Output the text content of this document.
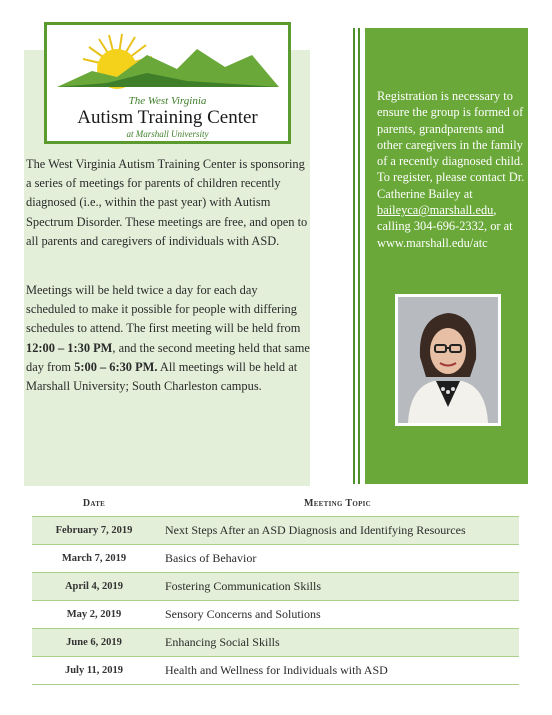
The West Virginia
Autism Training Center
at Marshall University
The West Virginia Autism Training Center is sponsoring a series of meetings for parents of children recently diagnosed (i.e., within the past year) with Autism Spectrum Disorder. These meetings are free, and open to all parents and caregivers of individuals with ASD.
Meetings will be held twice a day for each day scheduled to make it possible for people with differing schedules to attend. The first meeting will be held from 12:00 – 1:30 PM, and the second meeting held that same day from 5:00 – 6:30 PM. All meetings will be held at Marshall University; South Charleston campus.
Registration is necessary to ensure the group is formed of parents, grandparents and other caregivers in the family of a recently diagnosed child. To register, please contact Dr. Catherine Bailey at baileyca@marshall.edu, calling 304-696-2332, or at www.marshall.edu/atc
Date	Meeting Topic
February 7, 2019	Next Steps After an ASD Diagnosis and Identifying Resources
March 7, 2019	Basics of Behavior
April 4, 2019	Fostering Communication Skills
May 2, 2019	Sensory Concerns and Solutions
June 6, 2019	Enhancing Social Skills
July 11, 2019	Health and Wellness for Individuals with ASD
